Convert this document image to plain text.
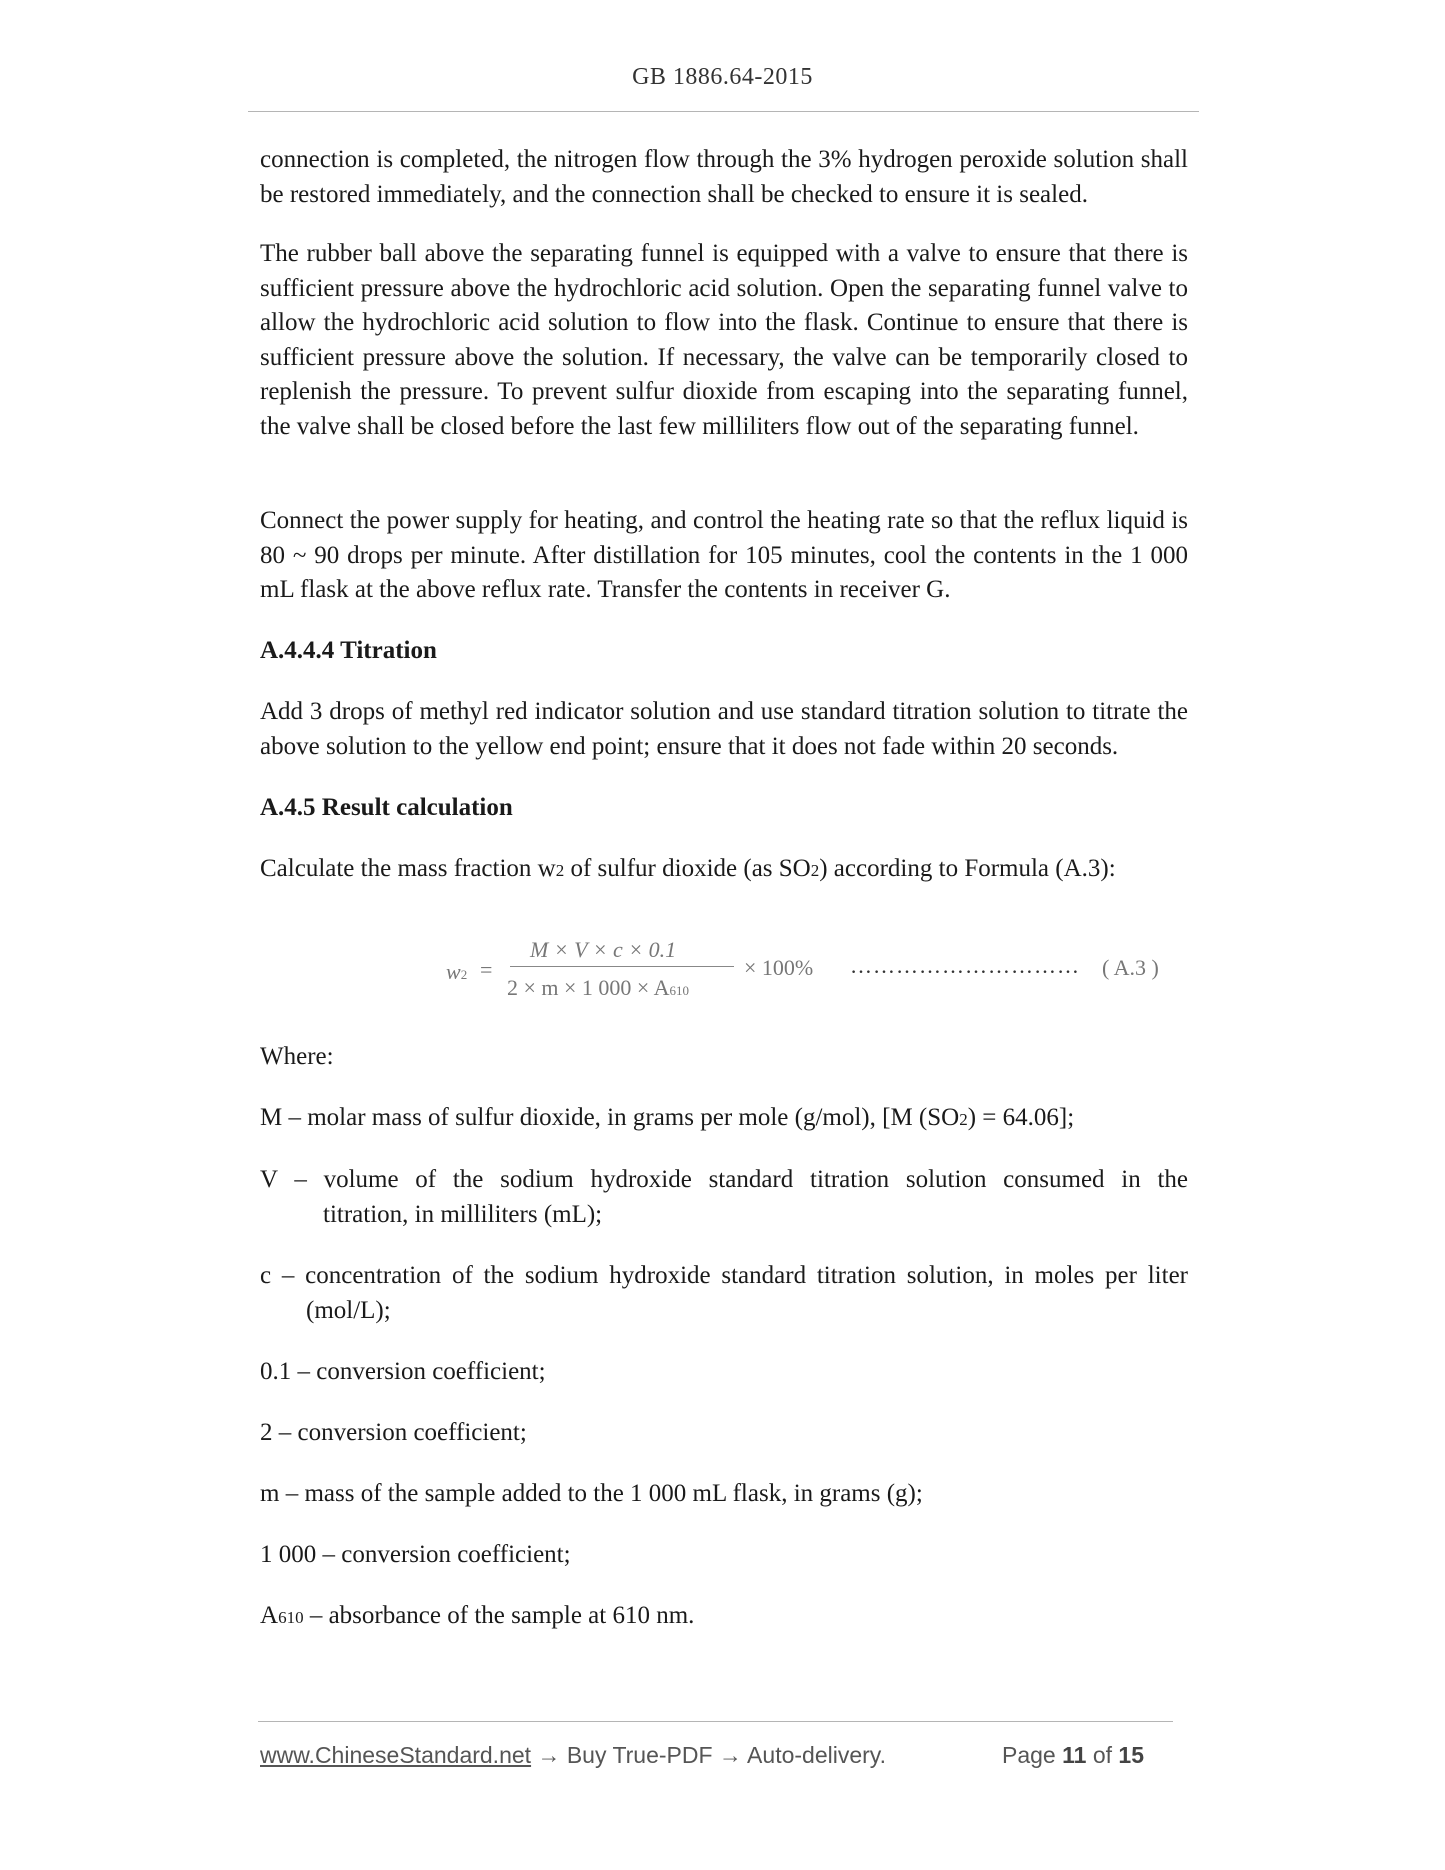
GB 1886.64-2015

connection is completed, the nitrogen flow through the 3% hydrogen peroxide solution shall be restored immediately, and the connection shall be checked to ensure it is sealed.

The rubber ball above the separating funnel is equipped with a valve to ensure that there is sufficient pressure above the hydrochloric acid solution. Open the separating funnel valve to allow the hydrochloric acid solution to flow into the flask. Continue to ensure that there is sufficient pressure above the solution. If necessary, the valve can be temporarily closed to replenish the pressure. To prevent sulfur dioxide from escaping into the separating funnel, the valve shall be closed before the last few milliliters flow out of the separating funnel.

Connect the power supply for heating, and control the heating rate so that the reflux liquid is 80 ~ 90 drops per minute. After distillation for 105 minutes, cool the contents in the 1 000 mL flask at the above reflux rate. Transfer the contents in receiver G.

A.4.4.4 Titration

Add 3 drops of methyl red indicator solution and use standard titration solution to titrate the above solution to the yellow end point; ensure that it does not fade within 20 seconds.

A.4.5 Result calculation

Calculate the mass fraction w2 of sulfur dioxide (as SO2) according to Formula (A.3):

w2 =
M × V × c × 0.1
2 × m × 1 000 × A610
× 100% ………………………… ( A.3 )

Where:

M – molar mass of sulfur dioxide, in grams per mole (g/mol), [M (SO2) = 64.06];

V – volume of the sodium hydroxide standard titration solution consumed in the
titration, in milliliters (mL);

c – concentration of the sodium hydroxide standard titration solution, in moles per liter
(mol/L);

0.1 – conversion coefficient;

2 – conversion coefficient;

m – mass of the sample added to the 1 000 mL flask, in grams (g);

1 000 – conversion coefficient;

A610 – absorbance of the sample at 610 nm.

www.ChineseStandard.net → Buy True-PDF → Auto-delivery.	Page 11 of 15
